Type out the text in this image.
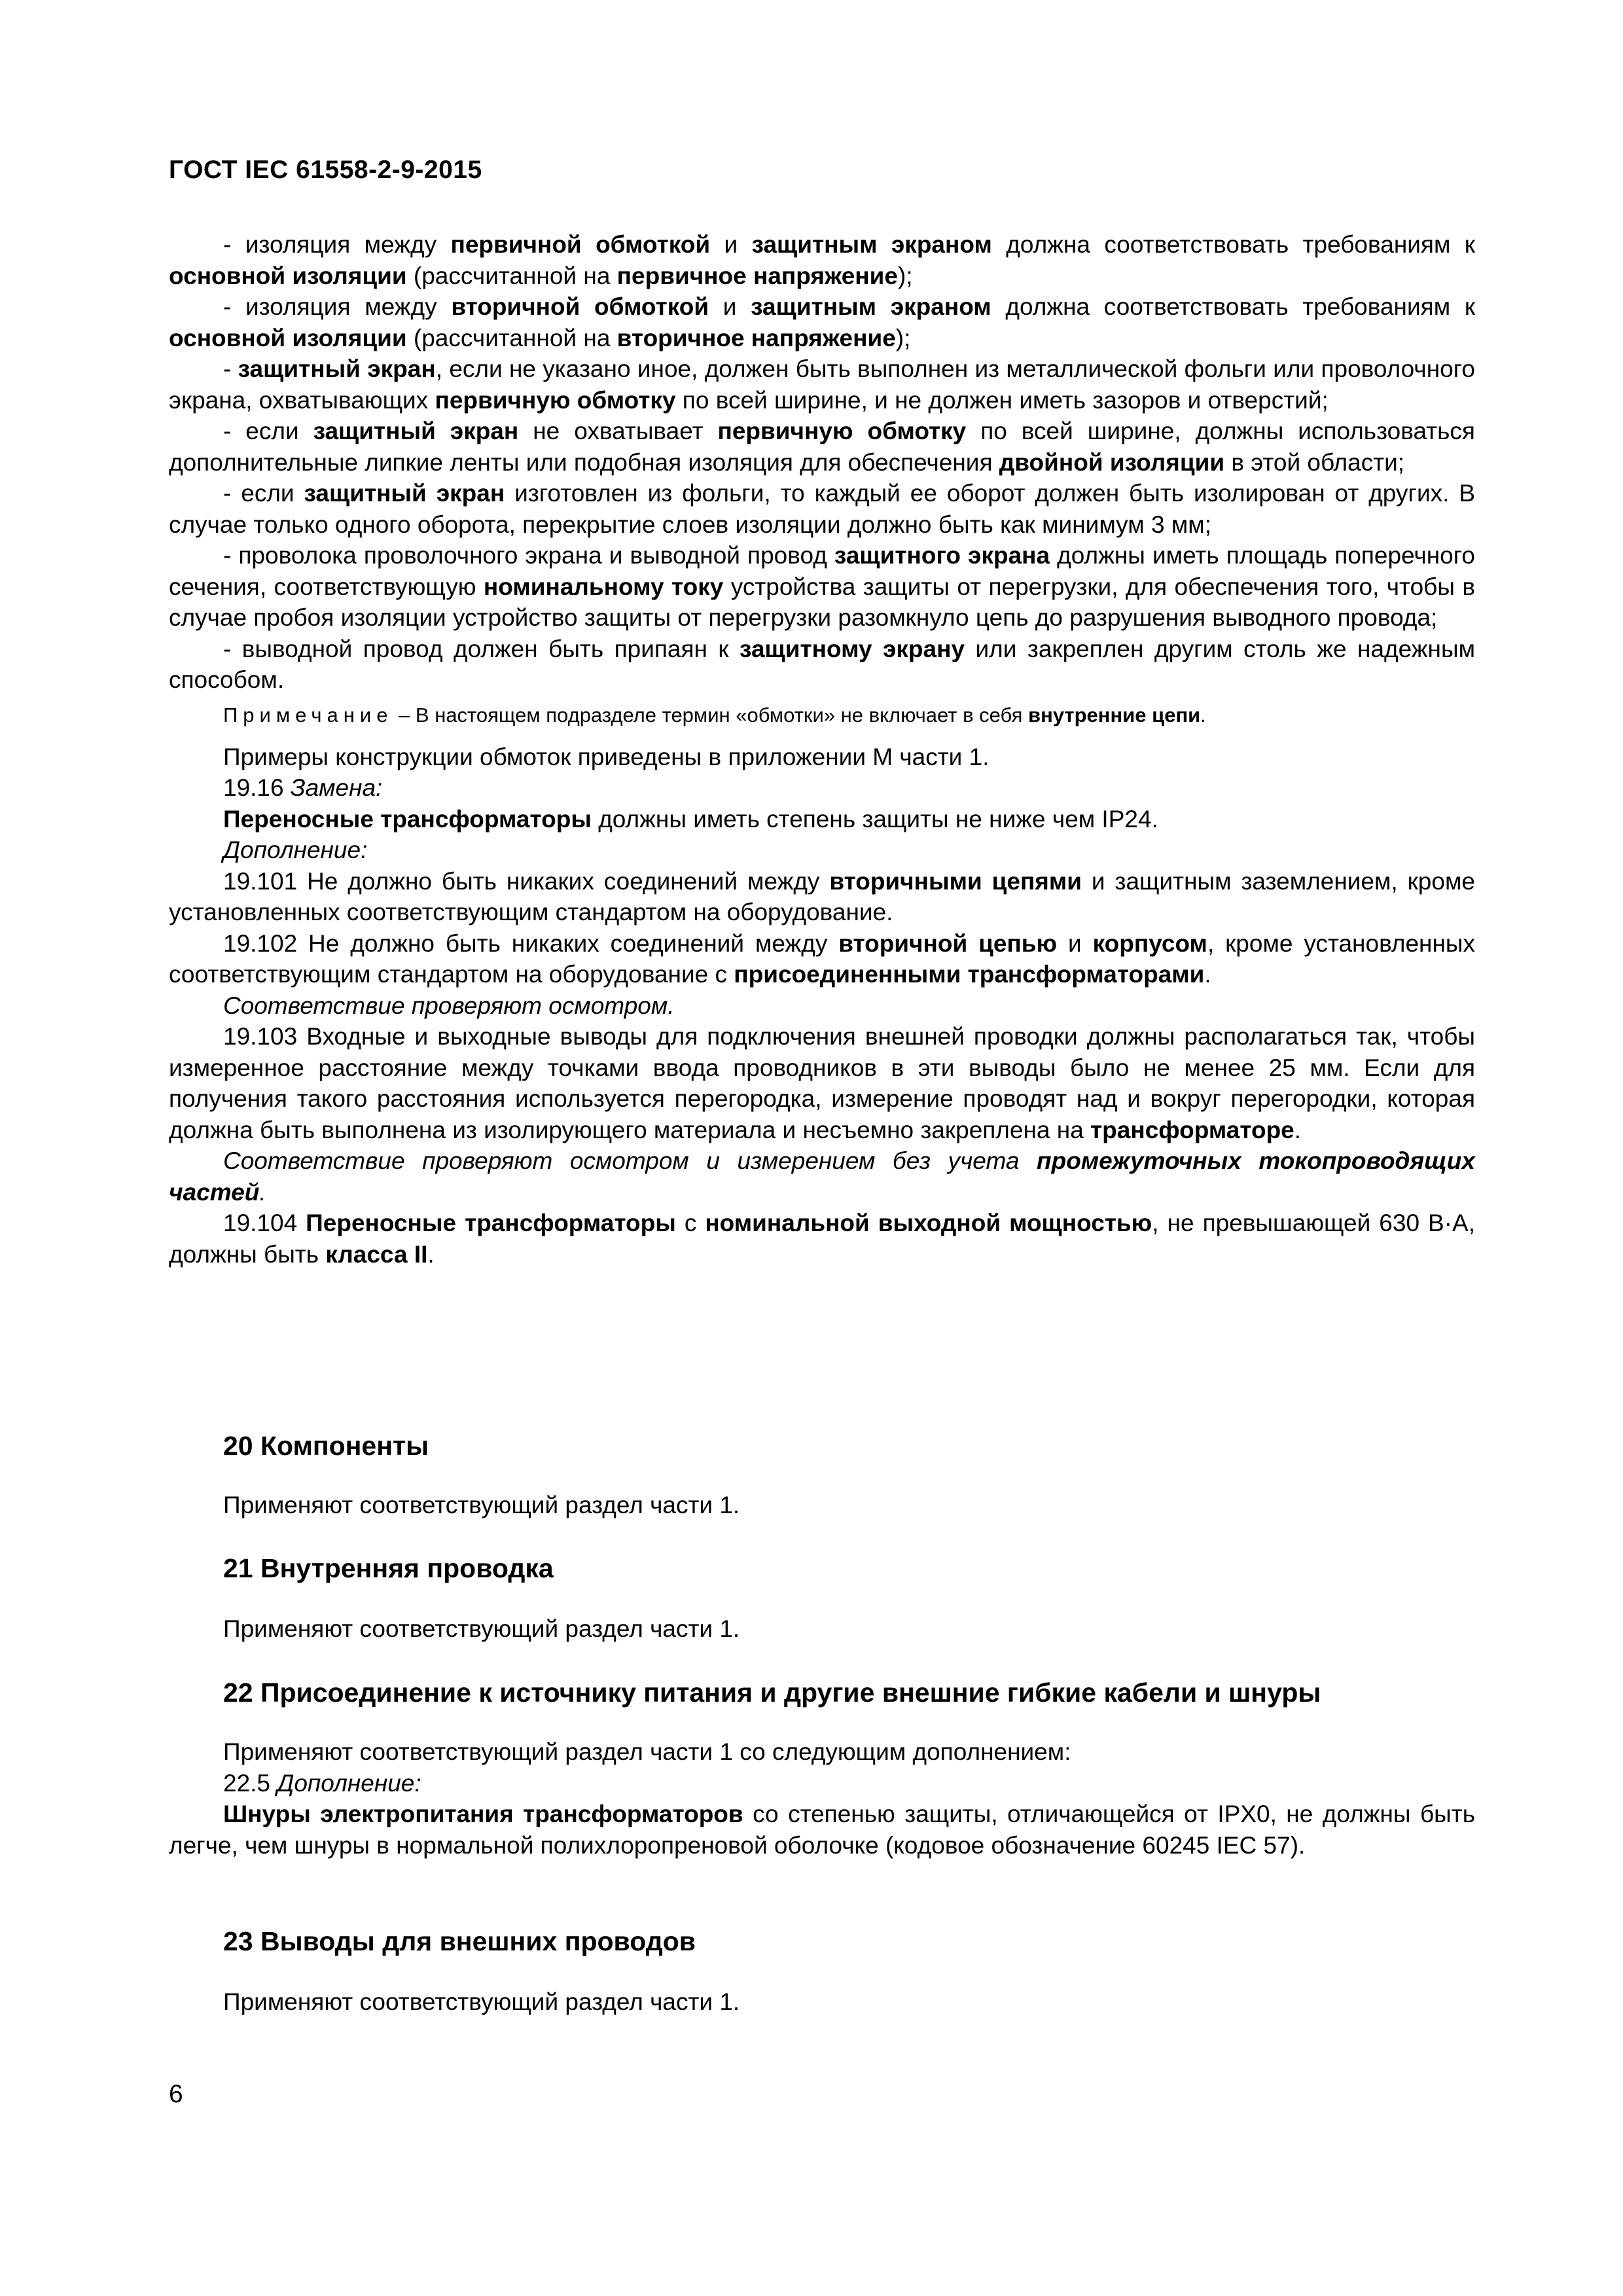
ГОСТ IEC 61558-2-9-2015

- изоляция между первичной обмоткой и защитным экраном должна соответствовать требованиям к основной изоляции (рассчитанной на первичное напряжение);

- изоляция между вторичной обмоткой и защитным экраном должна соответствовать требованиям к основной изоляции (рассчитанной на вторичное напряжение);

- защитный экран, если не указано иное, должен быть выполнен из металлической фольги или проволочного экрана, охватывающих первичную обмотку по всей ширине, и не должен иметь зазоров и отверстий;

- если защитный экран не охватывает первичную обмотку по всей ширине, должны использоваться дополнительные липкие ленты или подобная изоляция для обеспечения двойной изоляции в этой области;

- если защитный экран изготовлен из фольги, то каждый ее оборот должен быть изолирован от других. В случае только одного оборота, перекрытие слоев изоляции должно быть как минимум 3 мм;

- проволока проволочного экрана и выводной провод защитного экрана должны иметь площадь поперечного сечения, соответствующую номинальному току устройства защиты от перегрузки, для обеспечения того, чтобы в случае пробоя изоляции устройство защиты от перегрузки разомкнуло цепь до разрушения выводного провода;

- выводной провод должен быть припаян к защитному экрану или закреплен другим столь же надежным способом.

Примечание – В настоящем подразделе термин «обмотки» не включает в себя внутренние цепи.

Примеры конструкции обмоток приведены в приложении М части 1.

19.16 Замена:

Переносные трансформаторы должны иметь степень защиты не ниже чем IP24.

Дополнение:

19.101 Не должно быть никаких соединений между вторичными цепями и защитным заземлением, кроме установленных соответствующим стандартом на оборудование.

19.102 Не должно быть никаких соединений между вторичной цепью и корпусом, кроме установленных соответствующим стандартом на оборудование с присоединенными трансформаторами.

Соответствие проверяют осмотром.

19.103 Входные и выходные выводы для подключения внешней проводки должны располагаться так, чтобы измеренное расстояние между точками ввода проводников в эти выводы было не менее 25 мм. Если для получения такого расстояния используется перегородка, измерение проводят над и вокруг перегородки, которая должна быть выполнена из изолирующего материала и несъемно закреплена на трансформаторе.

Соответствие проверяют осмотром и измерением без учета промежуточных токопроводящих частей.

19.104 Переносные трансформаторы с номинальной выходной мощностью, не превышающей 630 В·А, должны быть класса II.

20 Компоненты

Применяют соответствующий раздел части 1.

21 Внутренняя проводка

Применяют соответствующий раздел части 1.

22 Присоединение к источнику питания и другие внешние гибкие кабели и шнуры

Применяют соответствующий раздел части 1 со следующим дополнением:

22.5 Дополнение:

Шнуры электропитания трансформаторов со степенью защиты, отличающейся от IPX0, не должны быть легче, чем шнуры в нормальной полихлоропреновой оболочке (кодовое обозначение 60245 IEC 57).

23 Выводы для внешних проводов

Применяют соответствующий раздел части 1.

6
